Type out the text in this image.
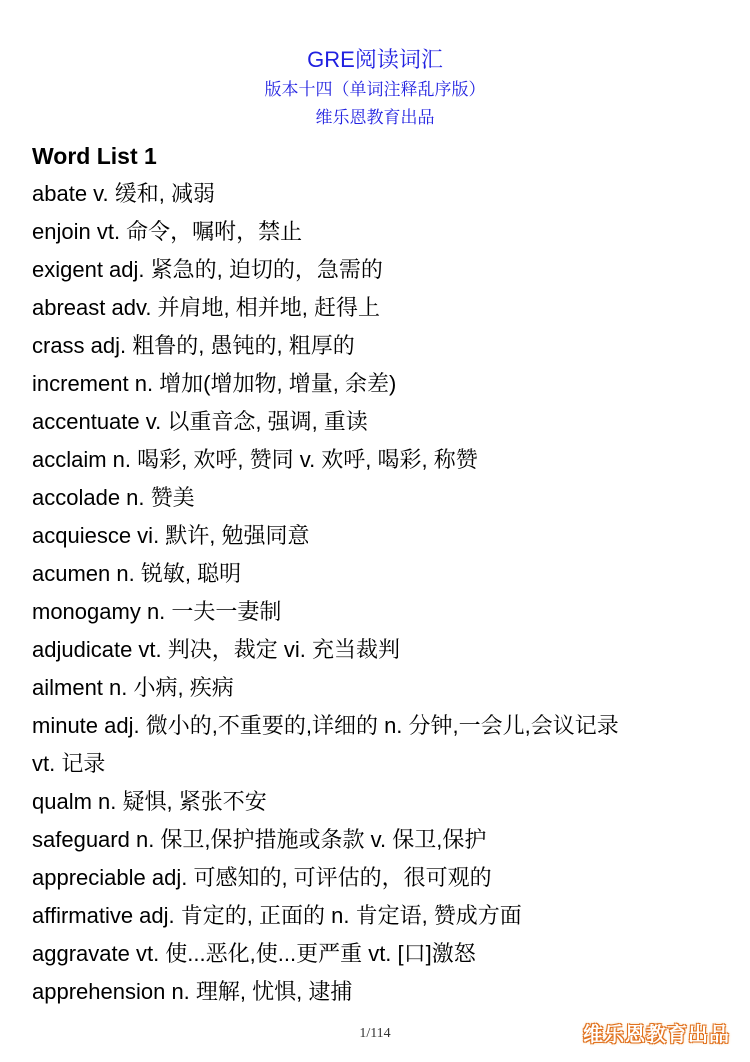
GRE阅读词汇
版本十四（单词注释乱序版）
维乐恩教育出品
Word List 1
abate v. 缓和, 减弱
enjoin vt. 命令，嘱咐，禁止
exigent adj. 紧急的, 迫切的，急需的
abreast adv. 并肩地, 相并地, 赶得上
crass adj. 粗鲁的, 愚钝的, 粗厚的
increment n. 增加(增加物, 增量, 余差)
accentuate v. 以重音念, 强调, 重读
acclaim n. 喝彩, 欢呼, 赞同 v. 欢呼, 喝彩, 称赞
accolade n. 赞美
acquiesce vi. 默许, 勉强同意
acumen n. 锐敏, 聪明
monogamy n. 一夫一妻制
adjudicate vt. 判决，裁定 vi. 充当裁判
ailment n. 小病, 疾病
minute adj. 微小的,不重要的,详细的 n. 分钟,一会儿,会议记录
vt. 记录
qualm n. 疑惧, 紧张不安
safeguard n. 保卫,保护措施或条款 v. 保卫,保护
appreciable adj. 可感知的, 可评估的，很可观的
affirmative adj. 肯定的, 正面的 n. 肯定语, 赞成方面
aggravate vt. 使...恶化,使...更严重 vt. [口]激怒
apprehension n. 理解, 忧惧, 逮捕
1/114	维乐恩教育出品
